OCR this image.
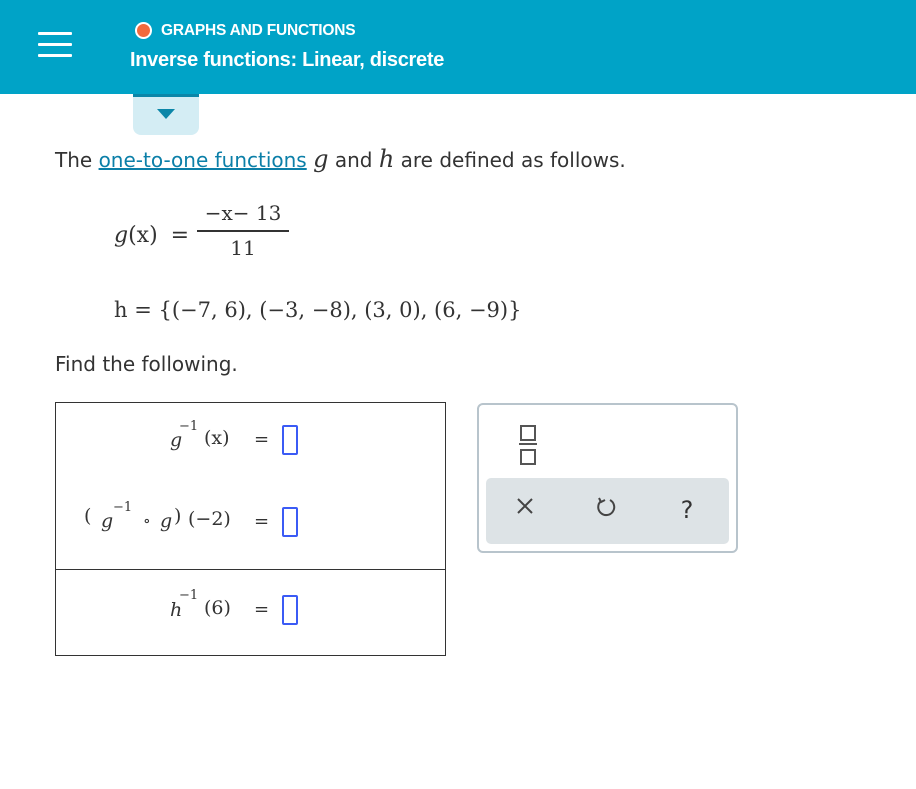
GRAPHS AND FUNCTIONS
Inverse functions: Linear, discrete
The one-to-one functions g and h are defined as follows.
g(x) =
−x− 13
11
h = {(−7, 6), (−3, −8), (3, 0), (6, −9)}
Find the following.
g
−1
(x) =
( g
−1
∘ g ) (−2) =
h
−1
(6) =
?
